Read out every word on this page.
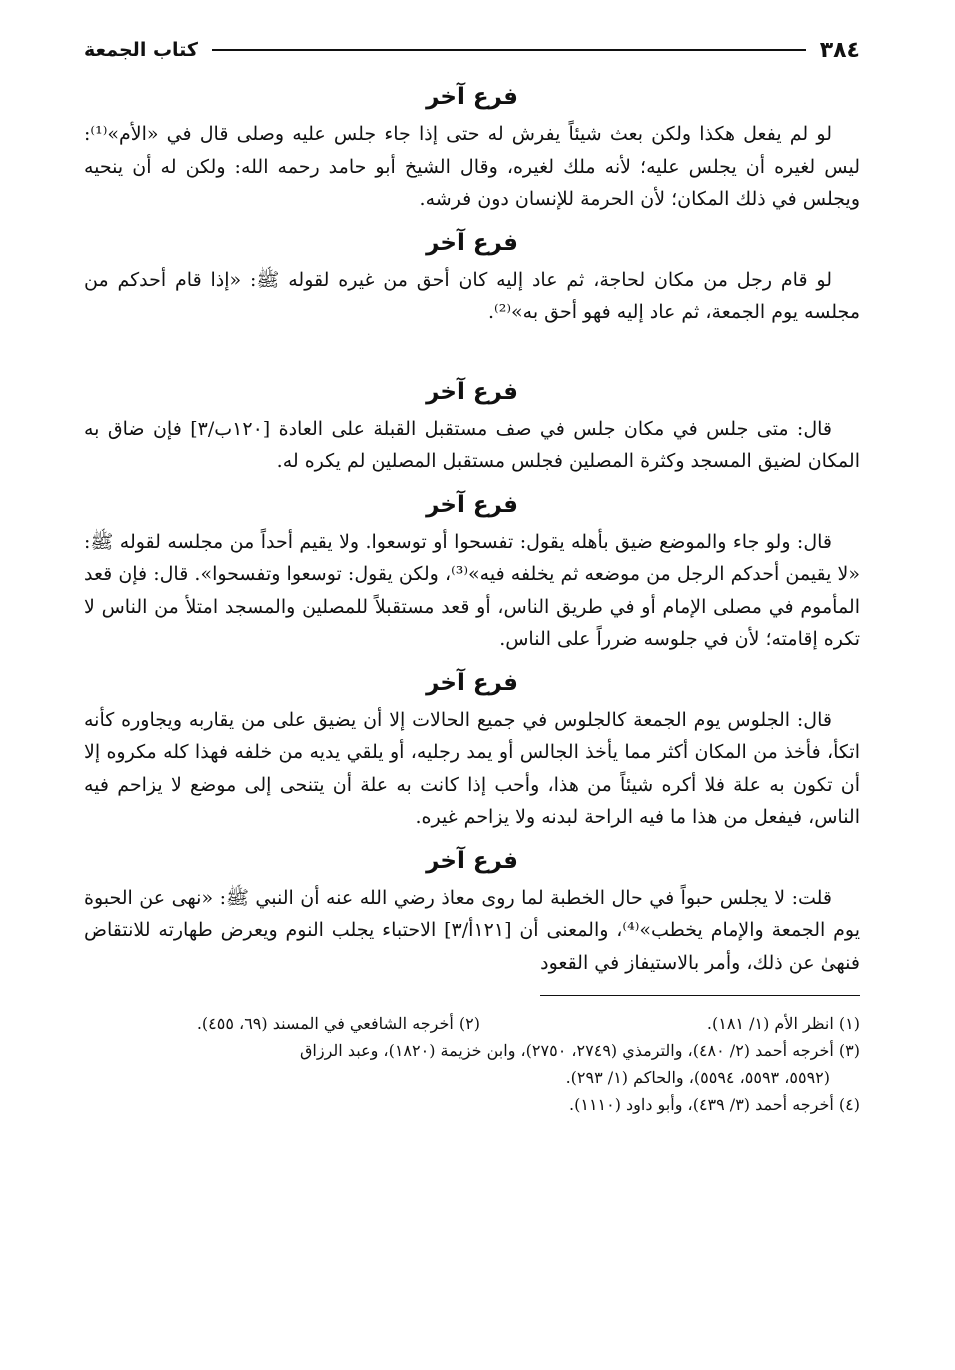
٣٨٤
كتاب الجمعة
فرع آخر

لو لم يفعل هكذا ولكن بعث شيئاً يفرش له حتى إذا جاء جلس عليه وصلى قال في «الأم»⁽¹⁾: ليس لغيره أن يجلس عليه؛ لأنه ملك لغيره، وقال الشيخ أبو حامد رحمه الله: ولكن له أن ينحيه ويجلس في ذلك المكان؛ لأن الحرمة للإنسان دون فرشه.

فرع آخر

لو قام رجل من مكان لحاجة، ثم عاد إليه كان أحق من غيره لقوله ﷺ: «إذا قام أحدكم من مجلسه يوم الجمعة، ثم عاد إليه فهو أحق به»⁽²⁾.

فرع آخر

قال: متى جلس في مكان جلس في صف مستقبل القبلة على العادة [١٢٠ب/٣] فإن ضاق به المكان لضيق المسجد وكثرة المصلين فجلس مستقبل المصلين لم يكره له.

فرع آخر

قال: ولو جاء والموضع ضيق بأهله يقول: تفسحوا أو توسعوا. ولا يقيم أحداً من مجلسه لقوله ﷺ: «لا يقيمن أحدكم الرجل من موضعه ثم يخلفه فيه»⁽³⁾، ولكن يقول: توسعوا وتفسحوا». قال: فإن قعد المأموم في مصلى الإمام أو في طريق الناس، أو قعد مستقبلاً للمصلين والمسجد امتلأ من الناس لا تكره إقامته؛ لأن في جلوسه ضرراً على الناس.

فرع آخر

قال: الجلوس يوم الجمعة كالجلوس في جميع الحالات إلا أن يضيق على من يقاربه ويجاوره كأنه اتكأ، فأخذ من المكان أكثر مما يأخذ الجالس أو يمد رجليه، أو يلقي يديه من خلفه فهذا كله مكروه إلا أن تكون به علة فلا أكره شيئاً من هذا، وأحب إذا كانت به علة أن يتنحى إلى موضع لا يزاحم فيه الناس، فيفعل من هذا ما فيه الراحة لبدنه ولا يزاحم غيره.

فرع آخر

قلت: لا يجلس حبواً في حال الخطبة لما روى معاذ رضي الله عنه أن النبي ﷺ: «نهى عن الحبوة يوم الجمعة والإمام يخطب»⁽⁴⁾، والمعنى أن [١٢١أ/٣] الاحتباء يجلب النوم ويعرض طهارته للانتقاض فنهىٰ عن ذلك، وأمر بالاستيفاز في القعود

(١) انظر الأم (١/ ١٨١).
(٢) أخرجه الشافعي في المسند (٦٩، ٤٥٥).

(٣) أخرجه أحمد (٢/ ٤٨٠)، والترمذي (٢٧٤٩، ٢٧٥٠)، وابن خزيمة (١٨٢٠)، وعبد الرزاق

(٥٥٩٢، ٥٥٩٣، ٥٥٩٤)، والحاكم (١/ ٢٩٣).

(٤) أخرجه أحمد (٣/ ٤٣٩)، وأبو داود (١١١٠).
